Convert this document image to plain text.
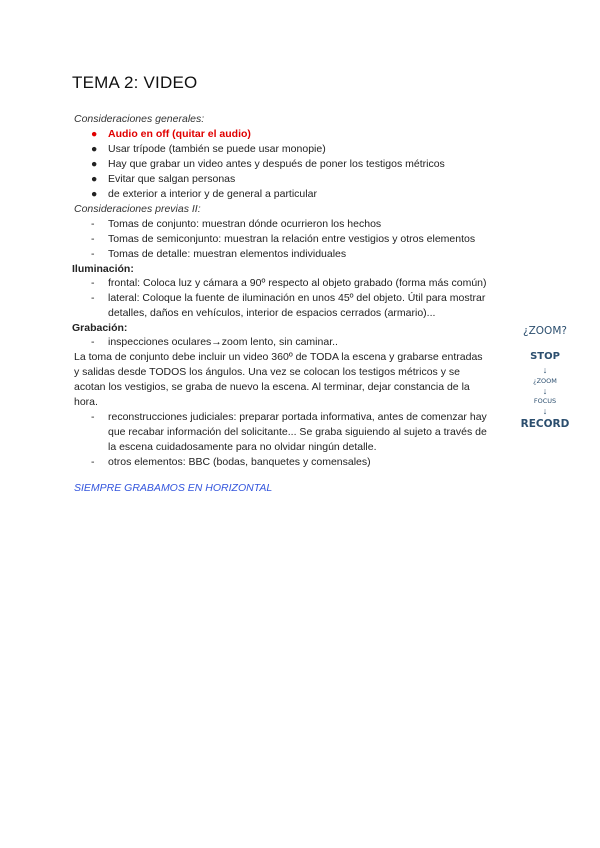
TEMA 2: VIDEO
Consideraciones generales:
●	Audio en off (quitar el audio)
●	Usar trípode (también se puede usar monopie)
●	Hay que grabar un video antes y después de poner los testigos métricos
●	Evitar que salgan personas
●	de exterior a interior y de general a particular
Consideraciones previas II:
- Tomas de conjunto: muestran dónde ocurrieron los hechos
- Tomas de semiconjunto: muestran la relación entre vestigios y otros elementos
- Tomas de detalle: muestran elementos individuales
Iluminación:
- frontal: Coloca luz y cámara a 90º respecto al objeto grabado (forma más común)
- lateral: Coloque la fuente de iluminación en unos 45º del objeto. Útil para mostrar
detalles, daños en vehículos, interior de espacios cerrados (armario)...
Grabación:
- inspecciones oculares→zoom lento, sin caminar..
La toma de conjunto debe incluir un video 360º de TODA la escena y grabarse entradas
y salidas desde TODOS los ángulos. Una vez se colocan los testigos métricos y se
acotan los vestigios, se graba de nuevo la escena. Al terminar, dejar constancia de la
hora.
- reconstrucciones judiciales: preparar portada informativa, antes de comenzar hay
que recabar información del solicitante... Se graba siguiendo al sujeto a través de
la escena cuidadosamente para no olvidar ningún detalle.
- otros elementos: BBC (bodas, banquetes y comensales)
SIEMPRE GRABAMOS EN HORIZONTAL
¿ZOOM?
STOP
↓
¿ZOOM
↓
FOCUS
↓
RECORD
